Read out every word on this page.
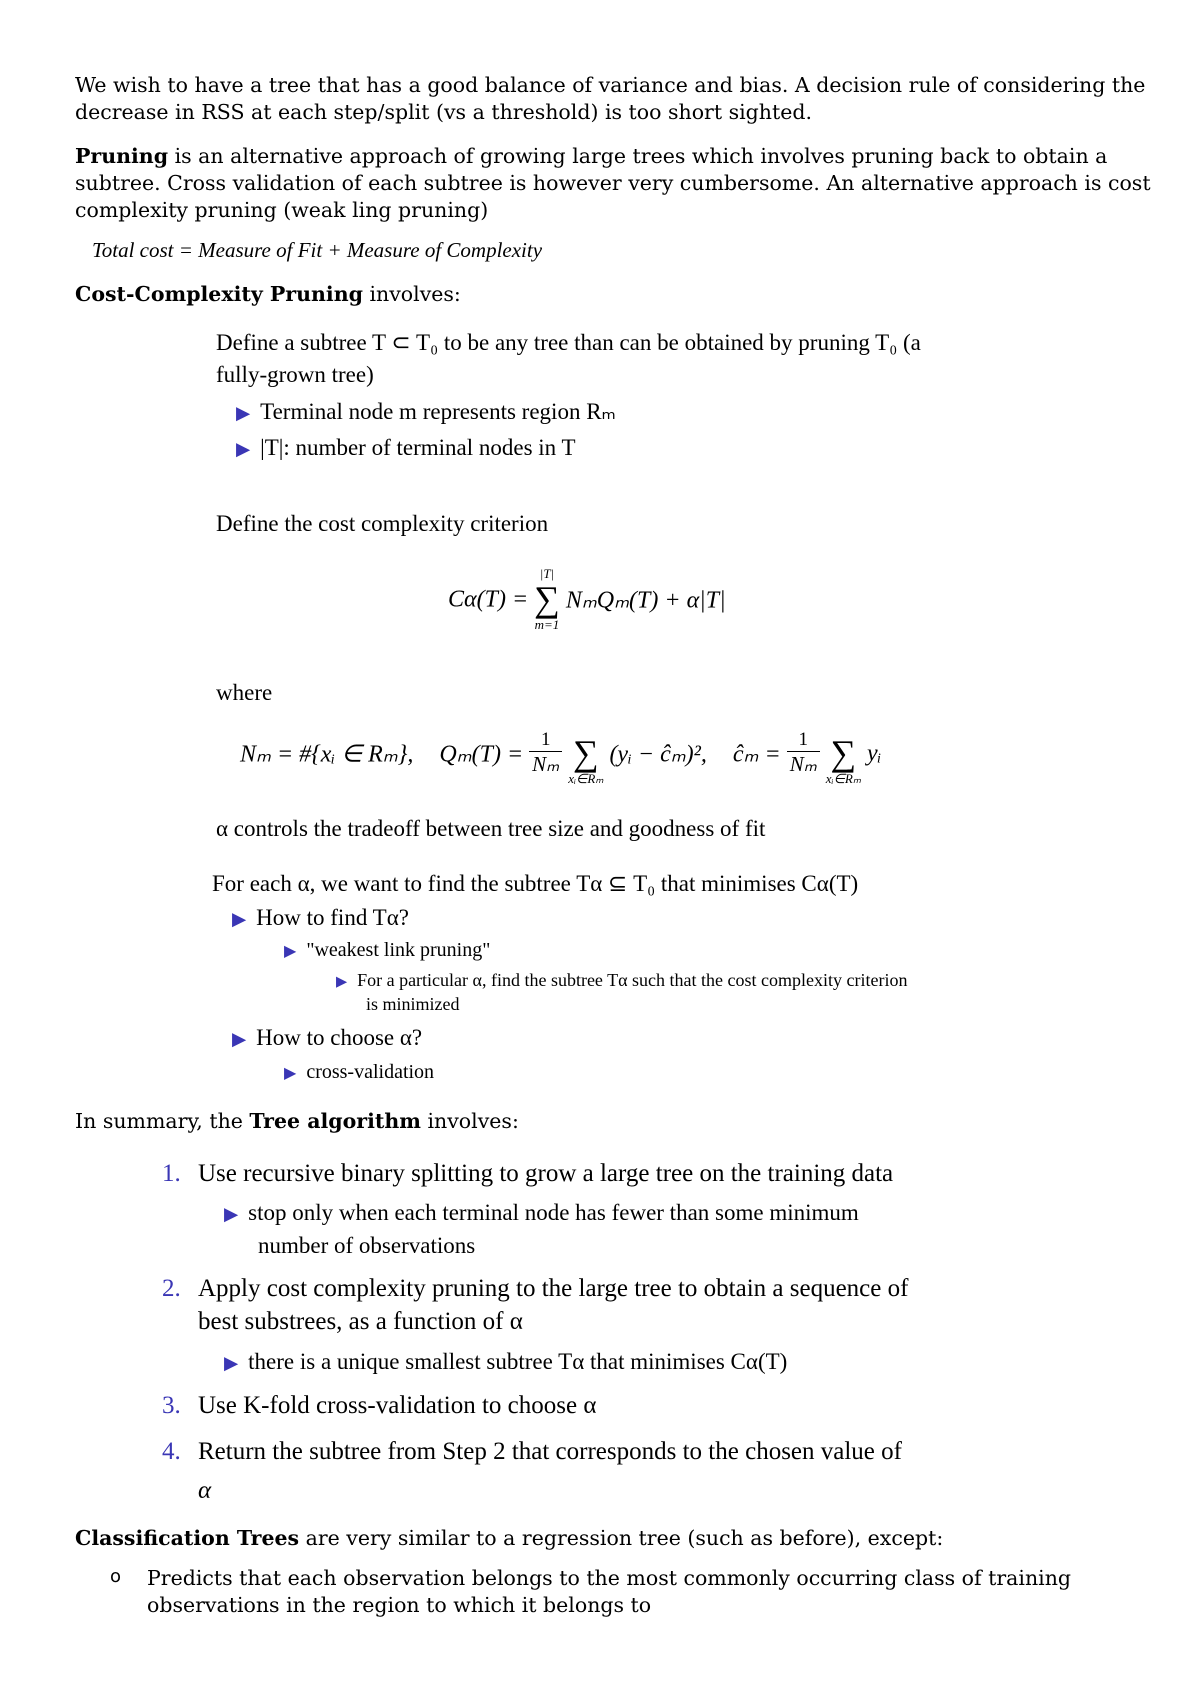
We wish to have a tree that has a good balance of variance and bias. A decision rule of considering the

decrease in RSS at each step/split (vs a threshold) is too short sighted.

Pruning is an alternative approach of growing large trees which involves pruning back to obtain a

subtree. Cross validation of each subtree is however very cumbersome. An alternative approach is cost

complexity pruning (weak ling pruning)

Total cost = Measure of Fit + Measure of Complexity

Cost-Complexity Pruning involves:

Define a subtree T ⊂ T₀ to be any tree than can be obtained by pruning T₀ (a

fully-grown tree)

▶ Terminal node m represents region Rₘ

▶ |T|: number of terminal nodes in T

Define the cost complexity criterion

Cα(T) =
|T|
∑
m=1
NₘQₘ(T) + α|T|

where

Nₘ = #{xᵢ ∈ Rₘ}, $Q_m(T) = \frac{1}{\text{Nₘ}}$ ∑
xᵢ∈Rₘ
(yᵢ − ĉₘ)², ĉₘ = $\frac{1}{\text{Nₘ}}$ ∑
xᵢ∈Rₘ
yᵢ

α controls the tradeoff between tree size and goodness of fit

For each α, we want to find the subtree Tα ⊆ T₀ that minimises Cα(T)

▶ How to find Tα?

▶ "weakest link pruning"

▶ For a particular α, find the subtree Tα such that the cost complexity criterion

is minimized

▶ How to choose α?

▶ cross-validation

In summary, the Tree algorithm involves:

1. Use recursive binary splitting to grow a large tree on the training data

▶ stop only when each terminal node has fewer than some minimum

number of observations

2. Apply cost complexity pruning to the large tree to obtain a sequence of

best substrees, as a function of α

▶ there is a unique smallest subtree Tα that minimises Cα(T)

3. Use K-fold cross-validation to choose α

4. Return the subtree from Step 2 that corresponds to the chosen value of

α

Classification Trees are very similar to a regression tree (such as before), except:

o Predicts that each observation belongs to the most commonly occurring class of training

observations in the region to which it belongs to
